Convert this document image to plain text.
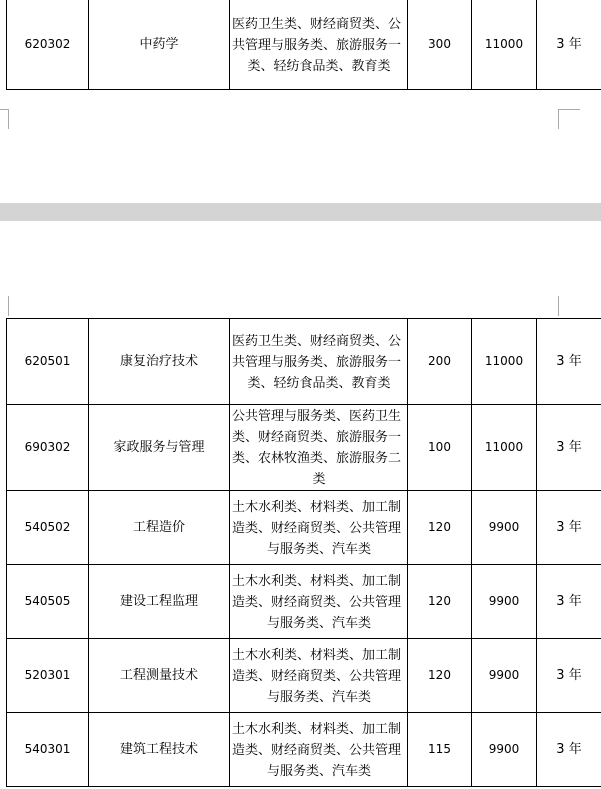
620302	中药学	医药卫生类、财经商贸类、公共管理与服务类、旅游服务一类、轻纺食品类、教育类	300	11000	3 年
620501	康复治疗技术	医药卫生类、财经商贸类、公共管理与服务类、旅游服务一类、轻纺食品类、教育类	200	11000	3 年
690302	家政服务与管理	公共管理与服务类、医药卫生类、财经商贸类、旅游服务一类、农林牧渔类、旅游服务二类	100	11000	3 年
540502	工程造价	土木水利类、材料类、加工制造类、财经商贸类、公共管理与服务类、汽车类	120	9900	3 年
540505	建设工程监理	土木水利类、材料类、加工制造类、财经商贸类、公共管理与服务类、汽车类	120	9900	3 年
520301	工程测量技术	土木水利类、材料类、加工制造类、财经商贸类、公共管理与服务类、汽车类	120	9900	3 年
540301	建筑工程技术	土木水利类、材料类、加工制造类、财经商贸类、公共管理与服务类、汽车类	115	9900	3 年
